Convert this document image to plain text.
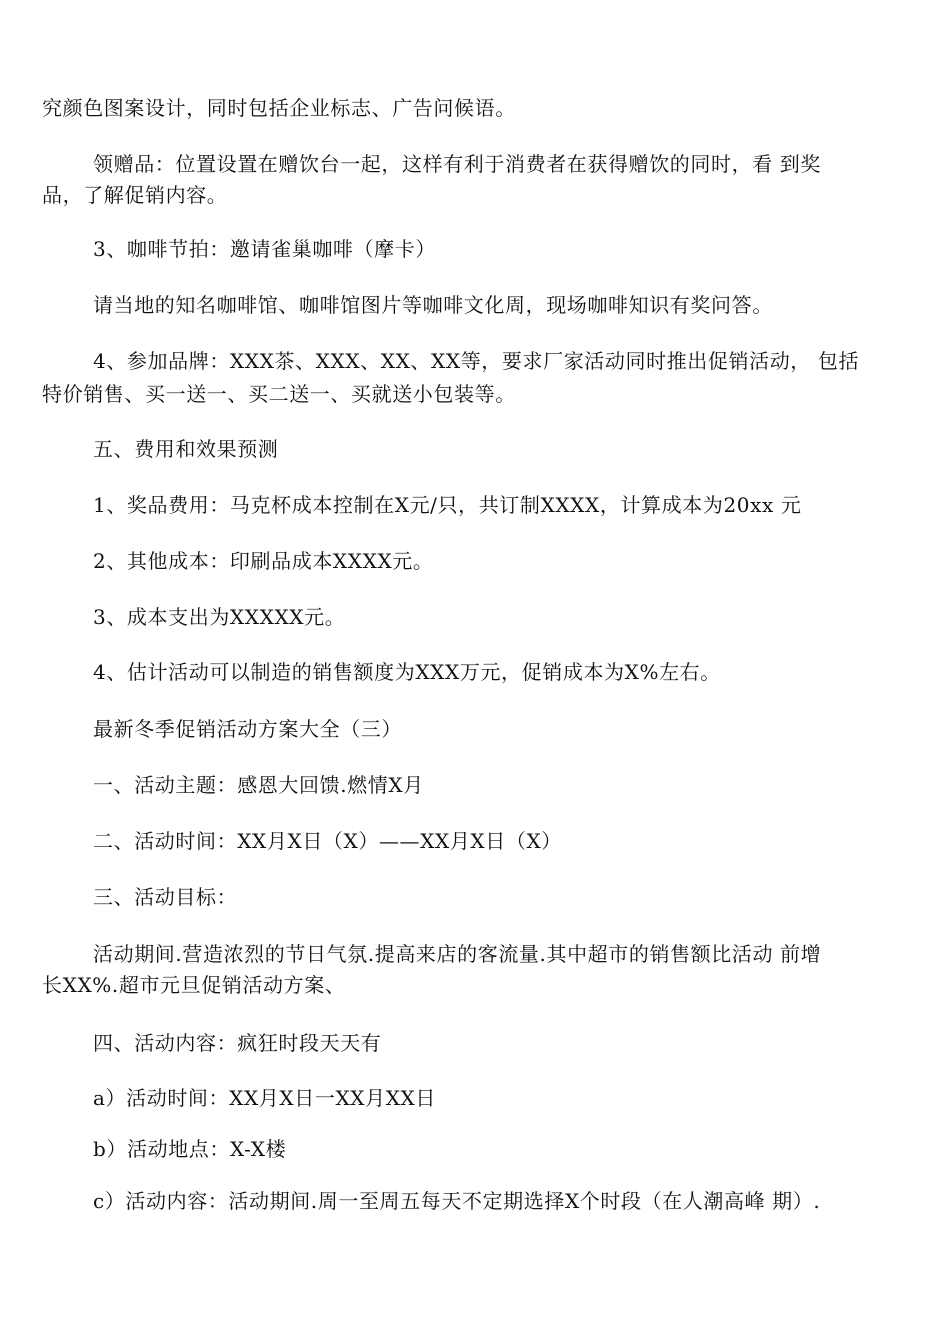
究颜色图案设计，同时包括企业标志、广告问候语。
领赠品：位置设置在赠饮台一起，这样有利于消费者在获得赠饮的同时，看 到奖
品，了解促销内容。
3、咖啡节拍：邀请雀巢咖啡（摩卡）
请当地的知名咖啡馆、咖啡馆图片等咖啡文化周，现场咖啡知识有奖问答。
4、参加品牌：XXX茶、XXX、XX、XX等，要求厂家活动同时推出促销活动， 包括
特价销售、买一送一、买二送一、买就送小包装等。
五、费用和效果预测
1、奖品费用：马克杯成本控制在X元/只，共订制XXXX，计算成本为20xx 元
2、其他成本：印刷品成本XXXX元。
3、成本支出为XXXXX元。
4、估计活动可以制造的销售额度为XXX万元，促销成本为X%左右。
最新冬季促销活动方案大全（三）
一、活动主题：感恩大回馈.燃情X月
二、活动时间：XX月X日（X）——XX月X日（X）
三、活动目标：
活动期间.营造浓烈的节日气氛.提高来店的客流量.其中超市的销售额比活动 前增
长XX%.超市元旦促销活动方案、
四、活动内容：疯狂时段天天有
a）活动时间：XX月X日一XX月XX日
b）活动地点：X-X楼
c）活动内容：活动期间.周一至周五每天不定期选择X个时段（在人潮高峰 期）.
